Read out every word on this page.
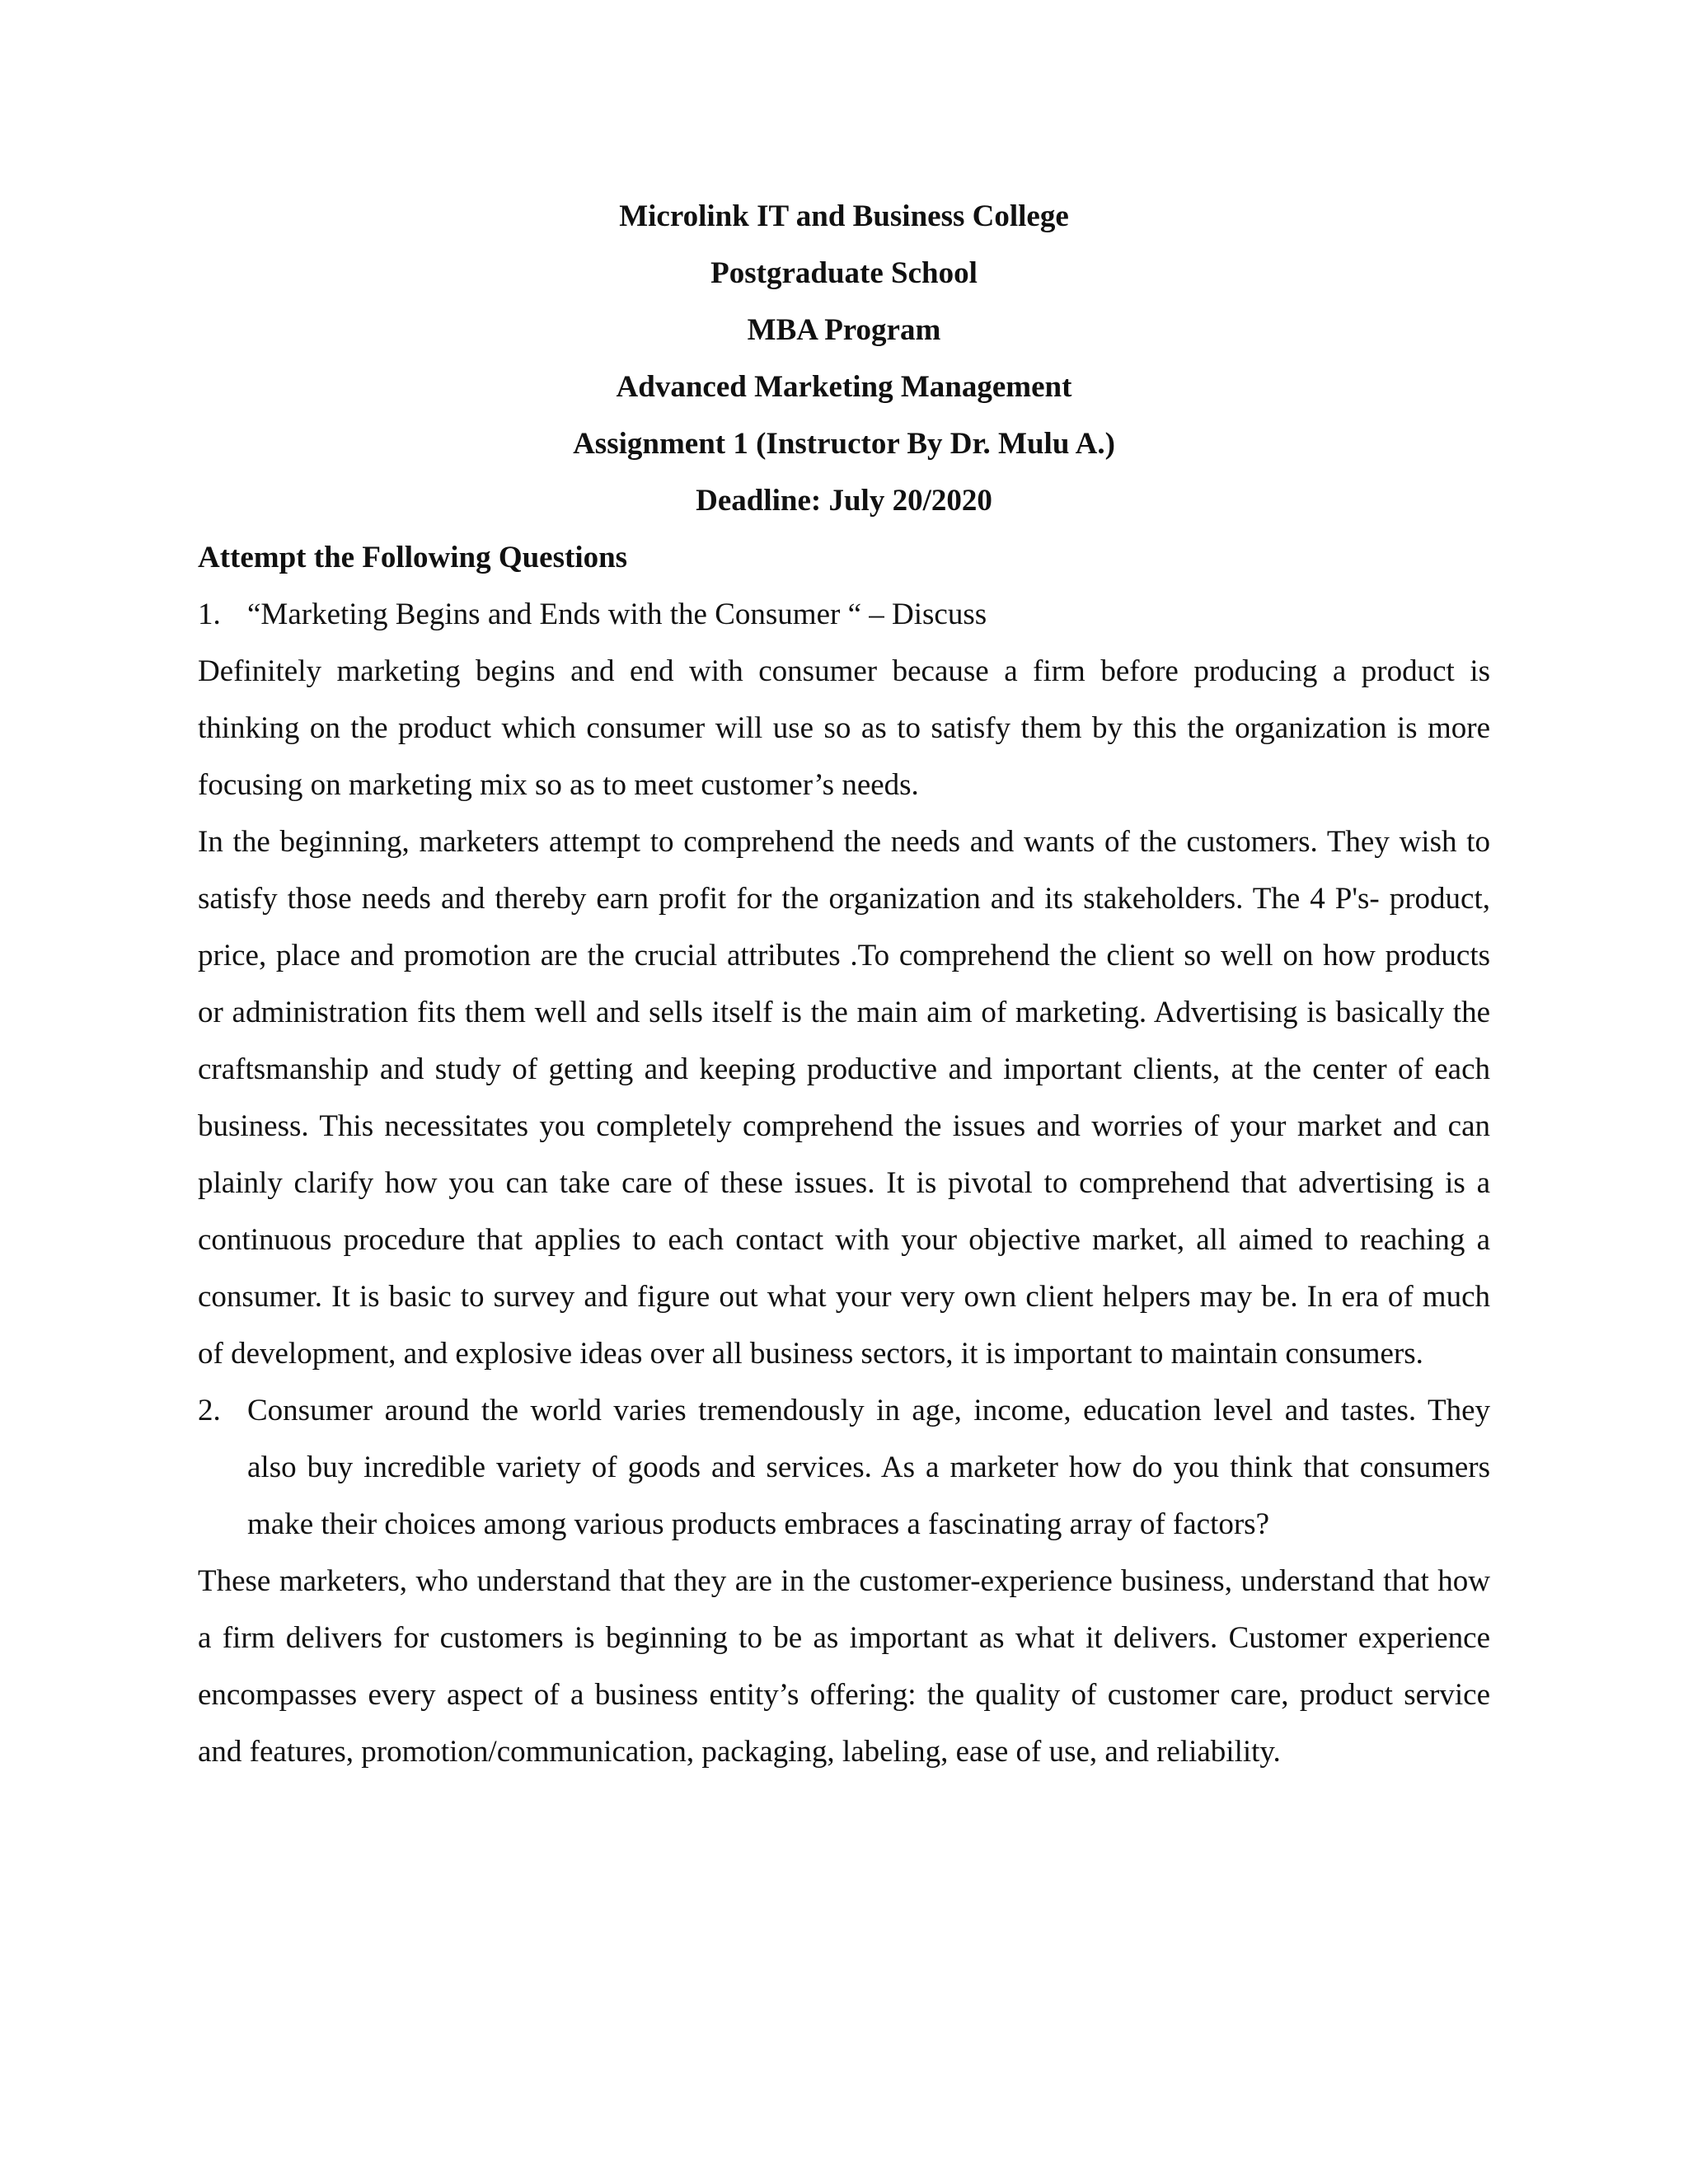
Microlink IT and Business College
Postgraduate School
MBA Program
Advanced Marketing Management
Assignment 1 (Instructor By Dr. Mulu A.)
Deadline: July 20/2020
Attempt the Following Questions
1. “Marketing Begins and Ends with the Consumer “ – Discuss

Definitely marketing begins and end with consumer because a firm before producing a product is thinking on the product which consumer will use so as to satisfy them by this the organization is more focusing on marketing mix so as to meet customer’s needs.

In the beginning, marketers attempt to comprehend the needs and wants of the customers. They wish to satisfy those needs and thereby earn profit for the organization and its stakeholders. The 4 P's- product, price, place and promotion are the crucial attributes .To comprehend the client so well on how products or administration fits them well and sells itself is the main aim of marketing. Advertising is basically the craftsmanship and study of getting and keeping productive and important clients, at the center of each business. This necessitates you completely comprehend the issues and worries of your market and can plainly clarify how you can take care of these issues. It is pivotal to comprehend that advertising is a continuous procedure that applies to each contact with your objective market, all aimed to reaching a consumer. It is basic to survey and figure out what your very own client helpers may be. In era of much of development, and explosive ideas over all business sectors, it is important to maintain consumers.

2. Consumer around the world varies tremendously in age, income, education level and tastes. They also buy incredible variety of goods and services. As a marketer how do you think that consumers make their choices among various products embraces a fascinating array of factors?

These marketers, who understand that they are in the customer-experience business, understand that how a firm delivers for customers is beginning to be as important as what it delivers. Customer experience encompasses every aspect of a business entity’s offering: the quality of customer care, product service and features, promotion/communication, packaging, labeling, ease of use, and reliability.
